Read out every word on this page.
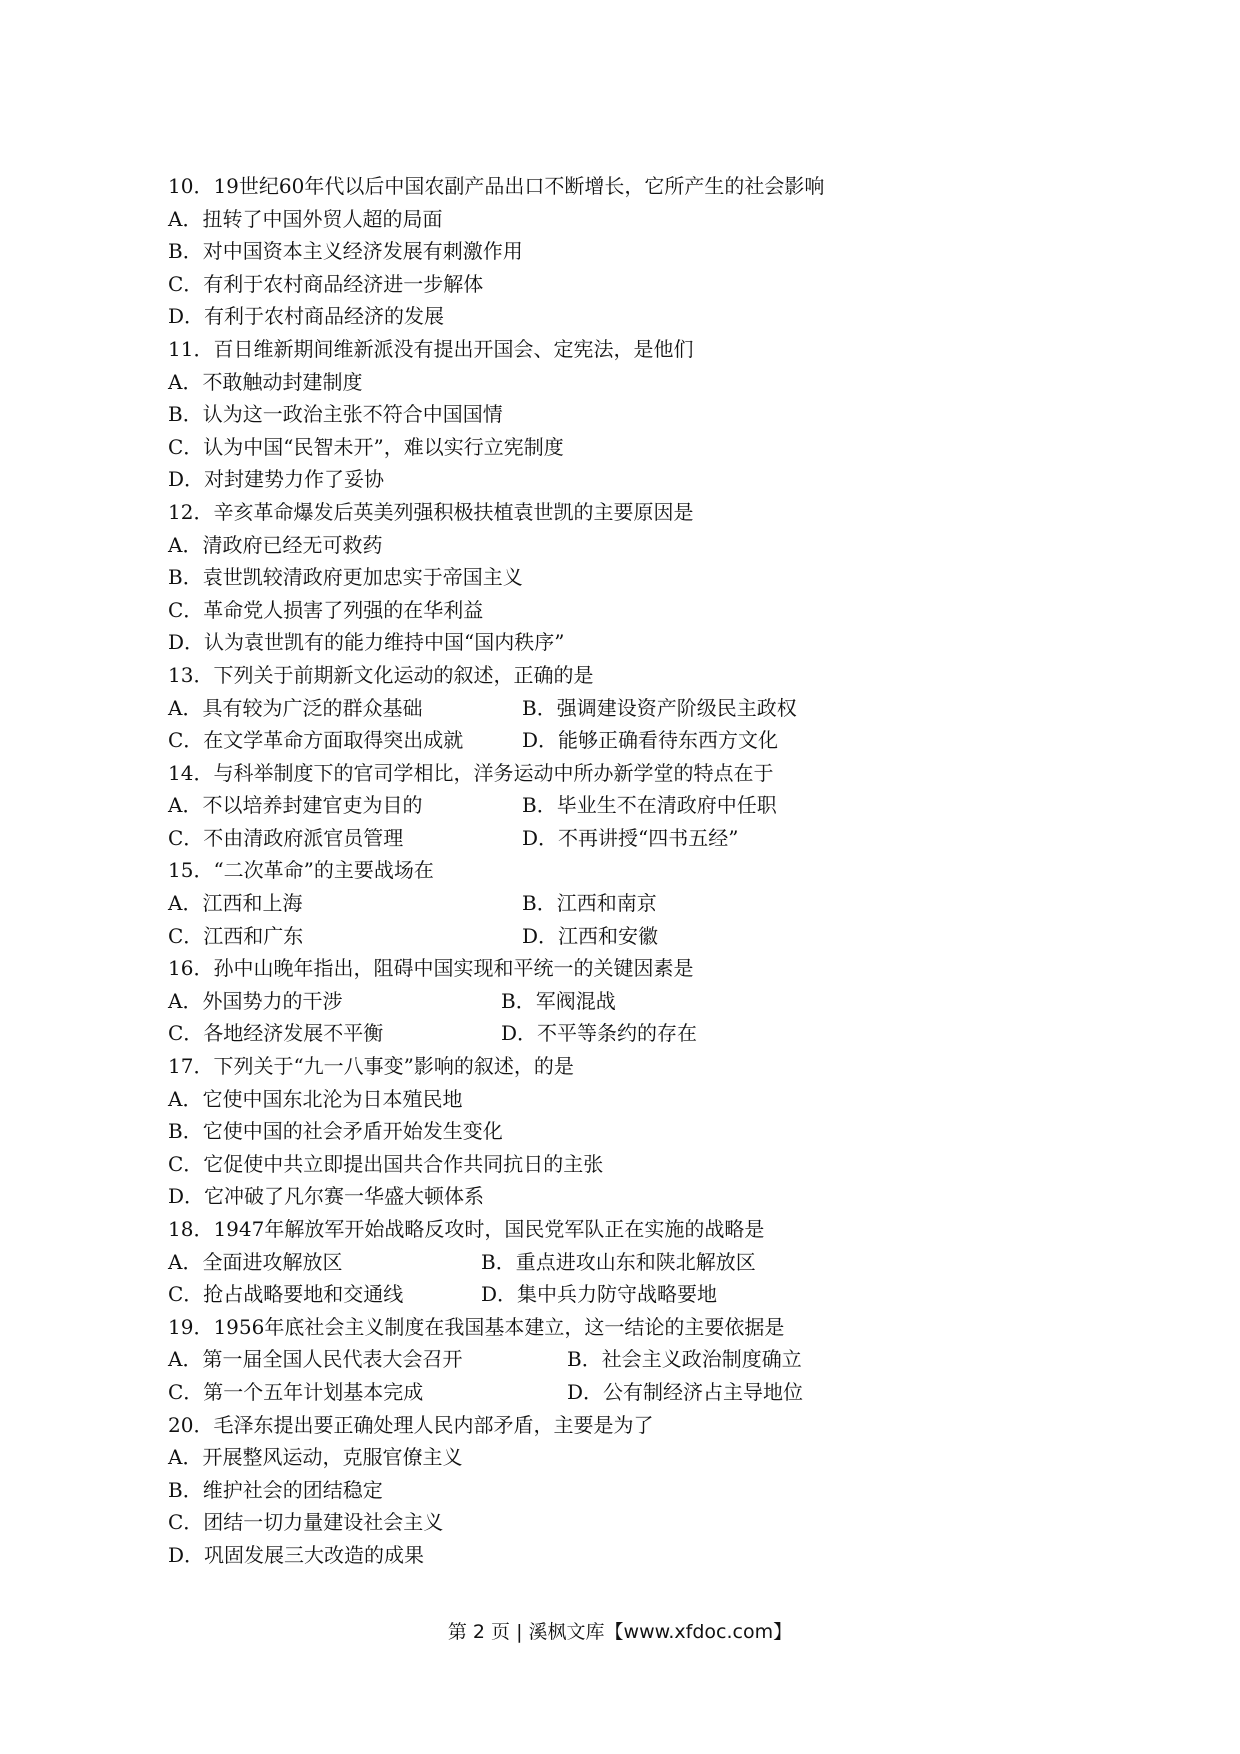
10．19世纪60年代以后中国农副产品出口不断增长，它所产生的社会影响
A．扭转了中国外贸人超的局面
B．对中国资本主义经济发展有刺激作用
C．有利于农村商品经济进一步解体
D．有利于农村商品经济的发展
11．百日维新期间维新派没有提出开国会、定宪法，是他们
A．不敢触动封建制度
B．认为这一政治主张不符合中国国情
C．认为中国“民智未开”，难以实行立宪制度
D．对封建势力作了妥协
12．辛亥革命爆发后英美列强积极扶植袁世凯的主要原因是
A．清政府已经无可救药
B．袁世凯较清政府更加忠实于帝国主义
C．革命党人损害了列强的在华利益
D．认为袁世凯有的能力维持中国“国内秩序”
13．下列关于前期新文化运动的叙述，正确的是
A．具有较为广泛的群众基础	B．强调建设资产阶级民主政权
C．在文学革命方面取得突出成就	D．能够正确看待东西方文化
14．与科举制度下的官司学相比，洋务运动中所办新学堂的特点在于
A．不以培养封建官吏为目的	B．毕业生不在清政府中任职
C．不由清政府派官员管理	D．不再讲授“四书五经”
15．“二次革命”的主要战场在
A．江西和上海	B．江西和南京
C．江西和广东	D．江西和安徽
16．孙中山晚年指出，阻碍中国实现和平统一的关键因素是
A．外国势力的干涉	B．军阀混战
C．各地经济发展不平衡	D．不平等条约的存在
17．下列关于“九一八事变”影响的叙述，的是
A．它使中国东北沦为日本殖民地
B．它使中国的社会矛盾开始发生变化
C．它促使中共立即提出国共合作共同抗日的主张
D．它冲破了凡尔赛一华盛大顿体系
18．1947年解放军开始战略反攻时，国民党军队正在实施的战略是
A．全面进攻解放区	B．重点进攻山东和陕北解放区
C．抢占战略要地和交通线	D．集中兵力防守战略要地
19．1956年底社会主义制度在我国基本建立，这一结论的主要依据是
A．第一届全国人民代表大会召开	B．社会主义政治制度确立
C．第一个五年计划基本完成	D．公有制经济占主导地位
20．毛泽东提出要正确处理人民内部矛盾，主要是为了
A．开展整风运动，克服官僚主义
B．维护社会的团结稳定
C．团结一切力量建设社会主义
D．巩固发展三大改造的成果
第 2 页 | 溪枫文库【www.xfdoc.com】
